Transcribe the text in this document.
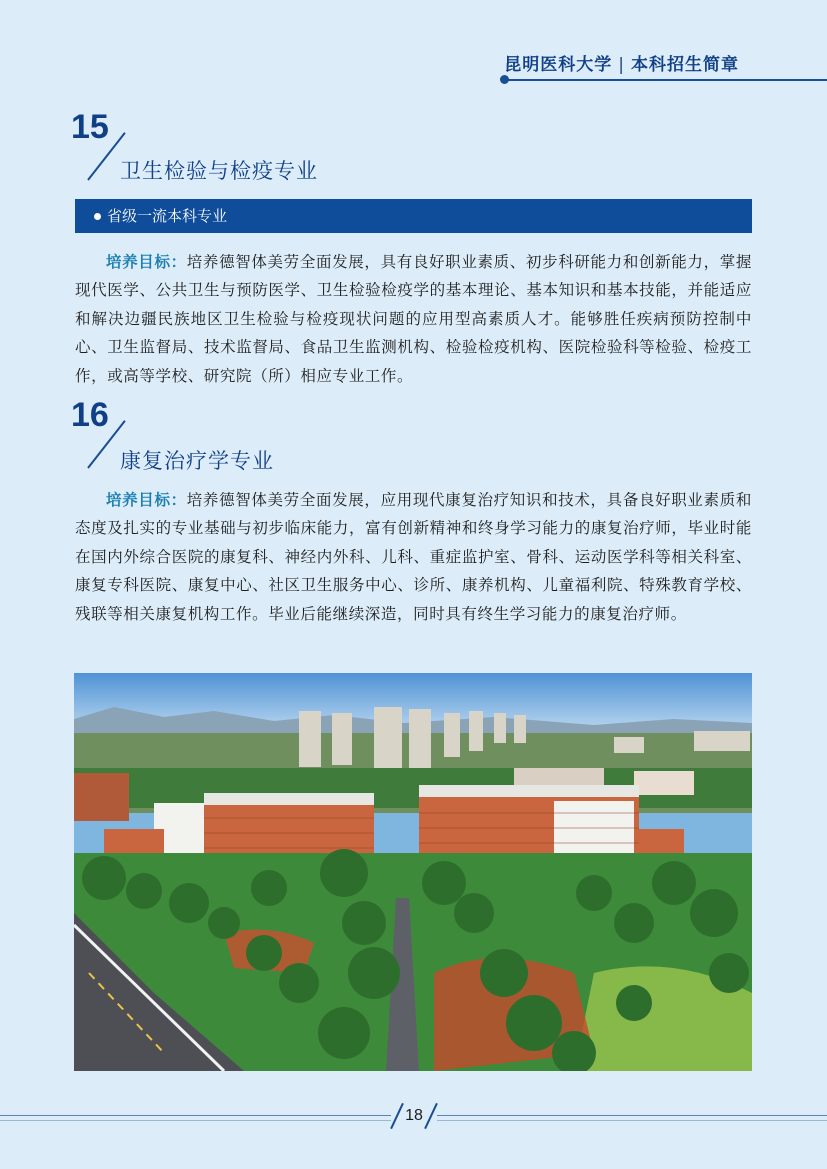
昆明医科大学 | 本科招生简章
15
卫生检验与检疫专业
省级一流本科专业
培养目标：培养德智体美劳全面发展，具有良好职业素质、初步科研能力和创新能力，掌握现代医学、公共卫生与预防医学、卫生检验检疫学的基本理论、基本知识和基本技能，并能适应和解决边疆民族地区卫生检验与检疫现状问题的应用型高素质人才。能够胜任疾病预防控制中心、卫生监督局、技术监督局、食品卫生监测机构、检验检疫机构、医院检验科等检验、检疫工作，或高等学校、研究院（所）相应专业工作。
16
康复治疗学专业
培养目标：培养德智体美劳全面发展，应用现代康复治疗知识和技术，具备良好职业素质和态度及扎实的专业基础与初步临床能力，富有创新精神和终身学习能力的康复治疗师，毕业时能在国内外综合医院的康复科、神经内外科、儿科、重症监护室、骨科、运动医学科等相关科室、康复专科医院、康复中心、社区卫生服务中心、诊所、康养机构、儿童福利院、特殊教育学校、残联等相关康复机构工作。毕业后能继续深造，同时具有终生学习能力的康复治疗师。
18
